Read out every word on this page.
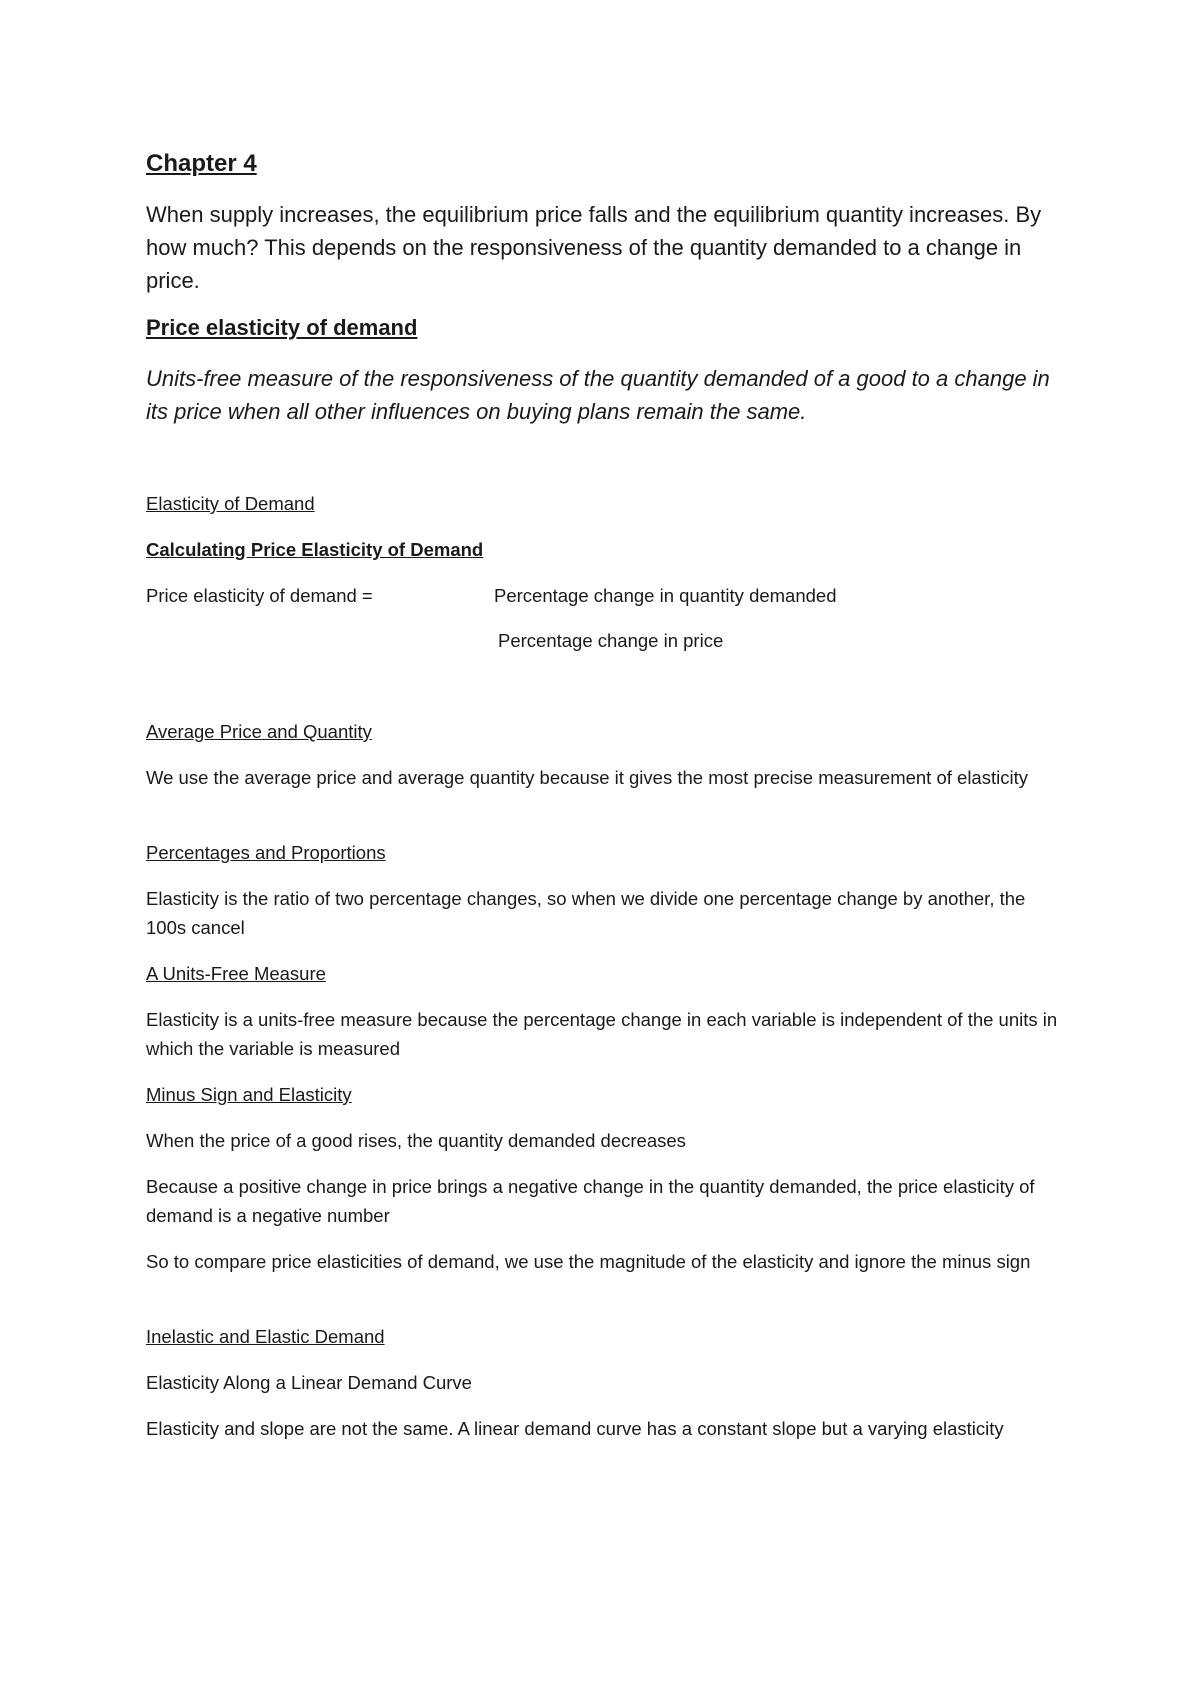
Chapter 4

When supply increases, the equilibrium price falls and the equilibrium quantity increases. By how much? This depends on the responsiveness of the quantity demanded to a change in price.

Price elasticity of demand

Units-free measure of the responsiveness of the quantity demanded of a good to a change in its price when all other influences on buying plans remain the same.

Elasticity of Demand

Calculating Price Elasticity of Demand

Price elasticity of demand =	Percentage change in quantity demanded

Percentage change in price

Average Price and Quantity

We use the average price and average quantity because it gives the most precise measurement of elasticity

Percentages and Proportions

Elasticity is the ratio of two percentage changes, so when we divide one percentage change by another, the 100s cancel

A Units-Free Measure

Elasticity is a units-free measure because the percentage change in each variable is independent of the units in which the variable is measured

Minus Sign and Elasticity

When the price of a good rises, the quantity demanded decreases

Because a positive change in price brings a negative change in the quantity demanded, the price elasticity of demand is a negative number

So to compare price elasticities of demand, we use the magnitude of the elasticity and ignore the minus sign

Inelastic and Elastic Demand

Elasticity Along a Linear Demand Curve

Elasticity and slope are not the same. A linear demand curve has a constant slope but a varying elasticity
